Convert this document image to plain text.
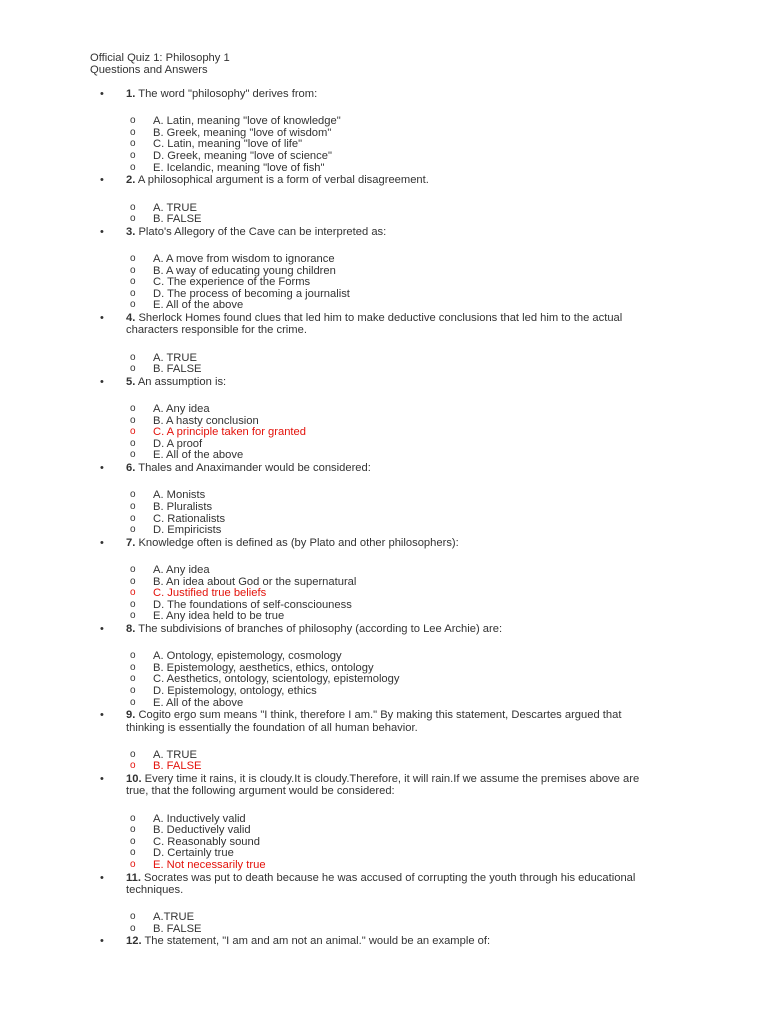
Official Quiz 1: Philosophy 1
Questions and Answers
• 1. The word "philosophy" derives from:
o A. Latin, meaning "love of knowledge"
o B. Greek, meaning "love of wisdom"
o C. Latin, meaning "love of life"
o D. Greek, meaning "love of science"
o E. Icelandic, meaning "love of fish"
• 2. A philosophical argument is a form of verbal disagreement.
o A. TRUE
o B. FALSE
• 3. Plato's Allegory of the Cave can be interpreted as:
o A. A move from wisdom to ignorance
o B. A way of educating young children
o C. The experience of the Forms
o D. The process of becoming a journalist
o E. All of the above
• 4. Sherlock Homes found clues that led him to make deductive conclusions that led him to the actual characters responsible for the crime.
o A. TRUE
o B. FALSE
• 5. An assumption is:
o A. Any idea
o B. A hasty conclusion
o C. A principle taken for granted
o D. A proof
o E. All of the above
• 6. Thales and Anaximander would be considered:
o A. Monists
o B. Pluralists
o C. Rationalists
o D. Empiricists
• 7. Knowledge often is defined as (by Plato and other philosophers):
o A. Any idea
o B. An idea about God or the supernatural
o C. Justified true beliefs
o D. The foundations of self-consciouness
o E. Any idea held to be true
• 8. The subdivisions of branches of philosophy (according to Lee Archie) are:
o A. Ontology, epistemology, cosmology
o B. Epistemology, aesthetics, ethics, ontology
o C. Aesthetics, ontology, scientology, epistemology
o D. Epistemology, ontology, ethics
o E. All of the above
• 9. Cogito ergo sum means "I think, therefore I am." By making this statement, Descartes argued that thinking is essentially the foundation of all human behavior.
o A. TRUE
o B. FALSE
• 10. Every time it rains, it is cloudy.It is cloudy.Therefore, it will rain.If we assume the premises above are true, that the following argument would be considered:
o A. Inductively valid
o B. Deductively valid
o C. Reasonably sound
o D. Certainly true
o E. Not necessarily true
• 11. Socrates was put to death because he was accused of corrupting the youth through his educational techniques.
o A.TRUE
o B. FALSE
• 12. The statement, "I am and am not an animal." would be an example of:
